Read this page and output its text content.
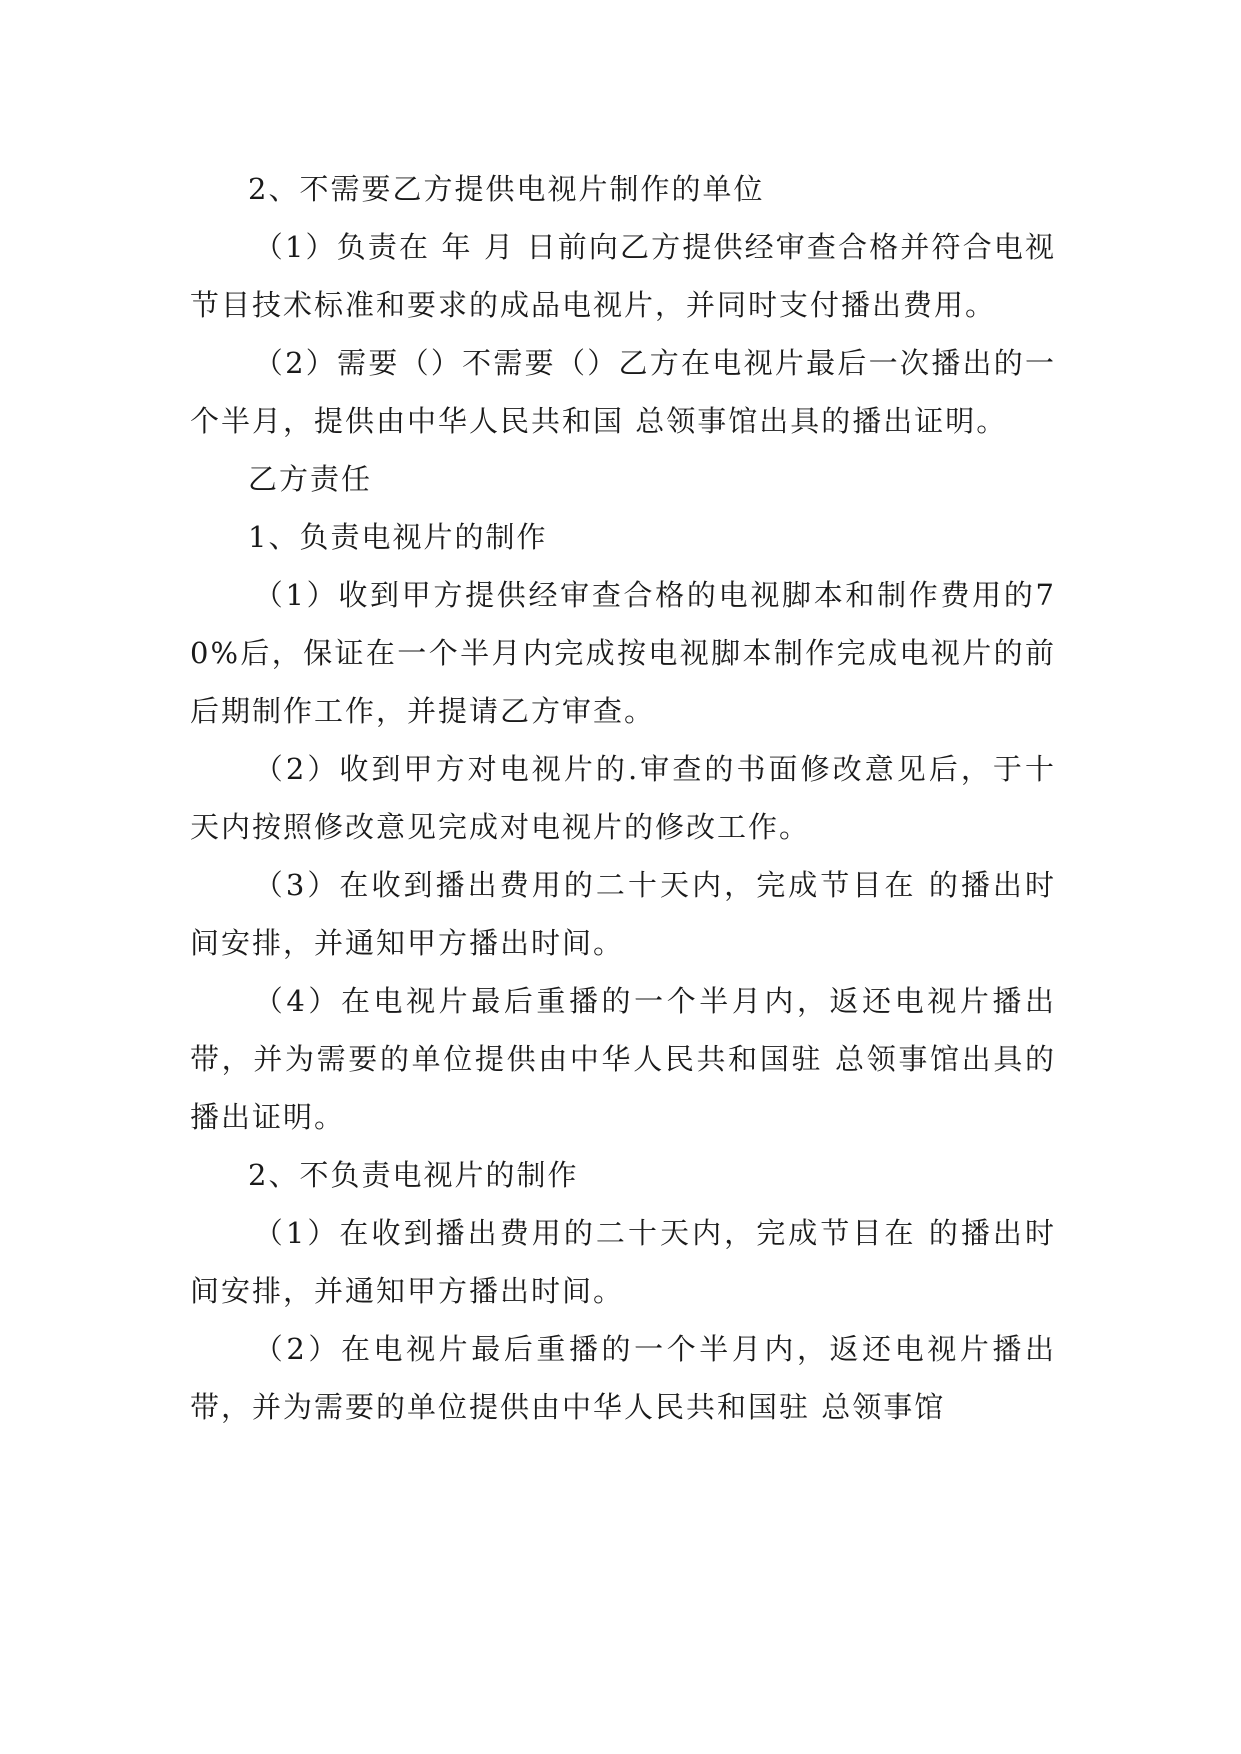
2、不需要乙方提供电视片制作的单位

（1）负责在 年 月 日前向乙方提供经审查合格并符合电视节目技术标准和要求的成品电视片，并同时支付播出费用。

（2）需要（）不需要（）乙方在电视片最后一次播出的一个半月，提供由中华人民共和国 总领事馆出具的播出证明。

乙方责任

1、负责电视片的制作

（1）收到甲方提供经审查合格的电视脚本和制作费用的70%后，保证在一个半月内完成按电视脚本制作完成电视片的前后期制作工作，并提请乙方审查。

（2）收到甲方对电视片的.审查的书面修改意见后，于十天内按照修改意见完成对电视片的修改工作。

（3）在收到播出费用的二十天内，完成节目在 的播出时间安排，并通知甲方播出时间。

（4）在电视片最后重播的一个半月内，返还电视片播出带，并为需要的单位提供由中华人民共和国驻 总领事馆出具的播出证明。

2、不负责电视片的制作

（1）在收到播出费用的二十天内，完成节目在 的播出时间安排，并通知甲方播出时间。

（2）在电视片最后重播的一个半月内，返还电视片播出带，并为需要的单位提供由中华人民共和国驻 总领事馆
